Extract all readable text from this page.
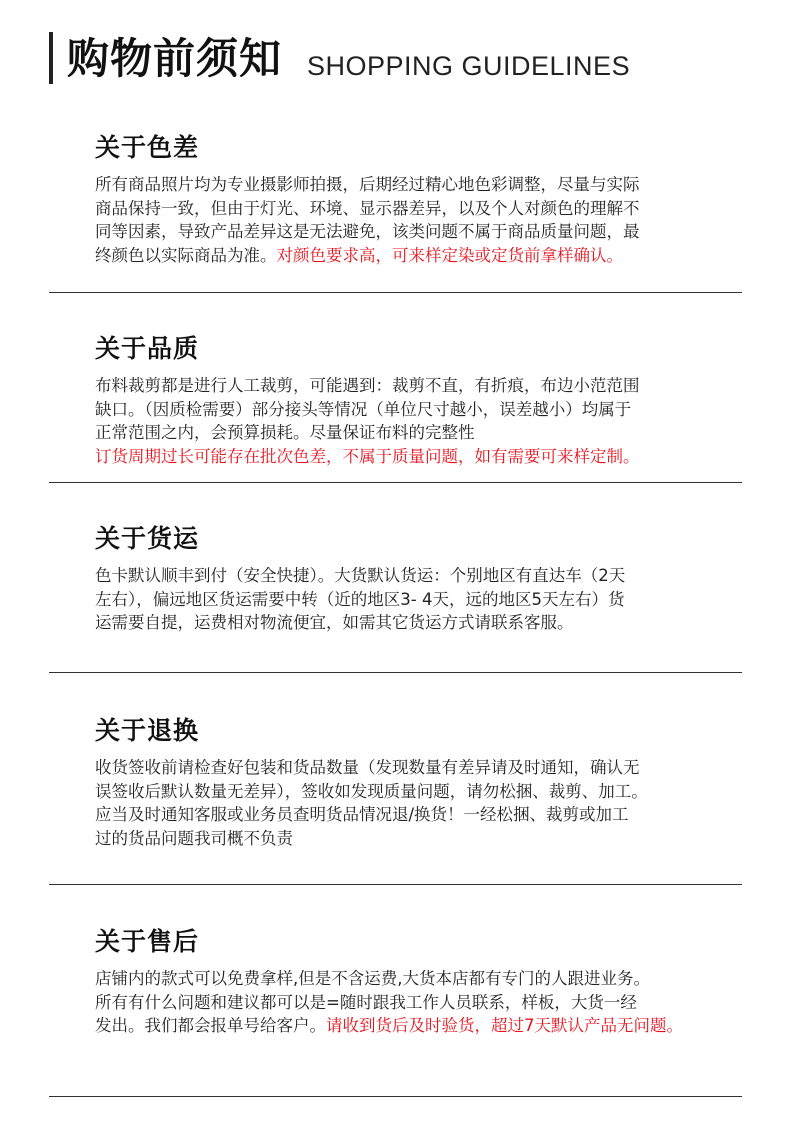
购物前须知 SHOPPING GUIDELINES
关于色差
所有商品照片均为专业摄影师拍摄，后期经过精心地色彩调整，尽量与实际
商品保持一致，但由于灯光、环境、显示器差异，以及个人对颜色的理解不
同等因素，导致产品差异这是无法避免，该类问题不属于商品质量问题，最
终颜色以实际商品为准。对颜色要求高，可来样定染或定货前拿样确认。
关于品质
布料裁剪都是进行人工裁剪，可能遇到：裁剪不直，有折痕，布边小范范围
缺口。（因质检需要）部分接头等情况（单位尺寸越小，误差越小）均属于
正常范围之内，会预算损耗。尽量保证布料的完整性
订货周期过长可能存在批次色差，不属于质量问题，如有需要可来样定制。
关于货运
色卡默认顺丰到付（安全快捷）。大货默认货运：个别地区有直达车（2天
左右），偏远地区货运需要中转（近的地区3- 4天，远的地区5天左右）货
运需要自提，运费相对物流便宜，如需其它货运方式请联系客服。
关于退换
收货签收前请检查好包装和货品数量（发现数量有差异请及时通知，确认无
误签收后默认数量无差异），签收如发现质量问题，请勿松捆、裁剪、加工。
应当及时通知客服或业务员查明货品情况退/换货！一经松捆、裁剪或加工
过的货品问题我司概不负责
关于售后
店铺内的款式可以免费拿样,但是不含运费,大货本店都有专门的人跟进业务。
所有有什么问题和建议都可以是=随时跟我工作人员联系，样板，大货一经
发出。我们都会报单号给客户。请收到货后及时验货，超过7天默认产品无问题。
